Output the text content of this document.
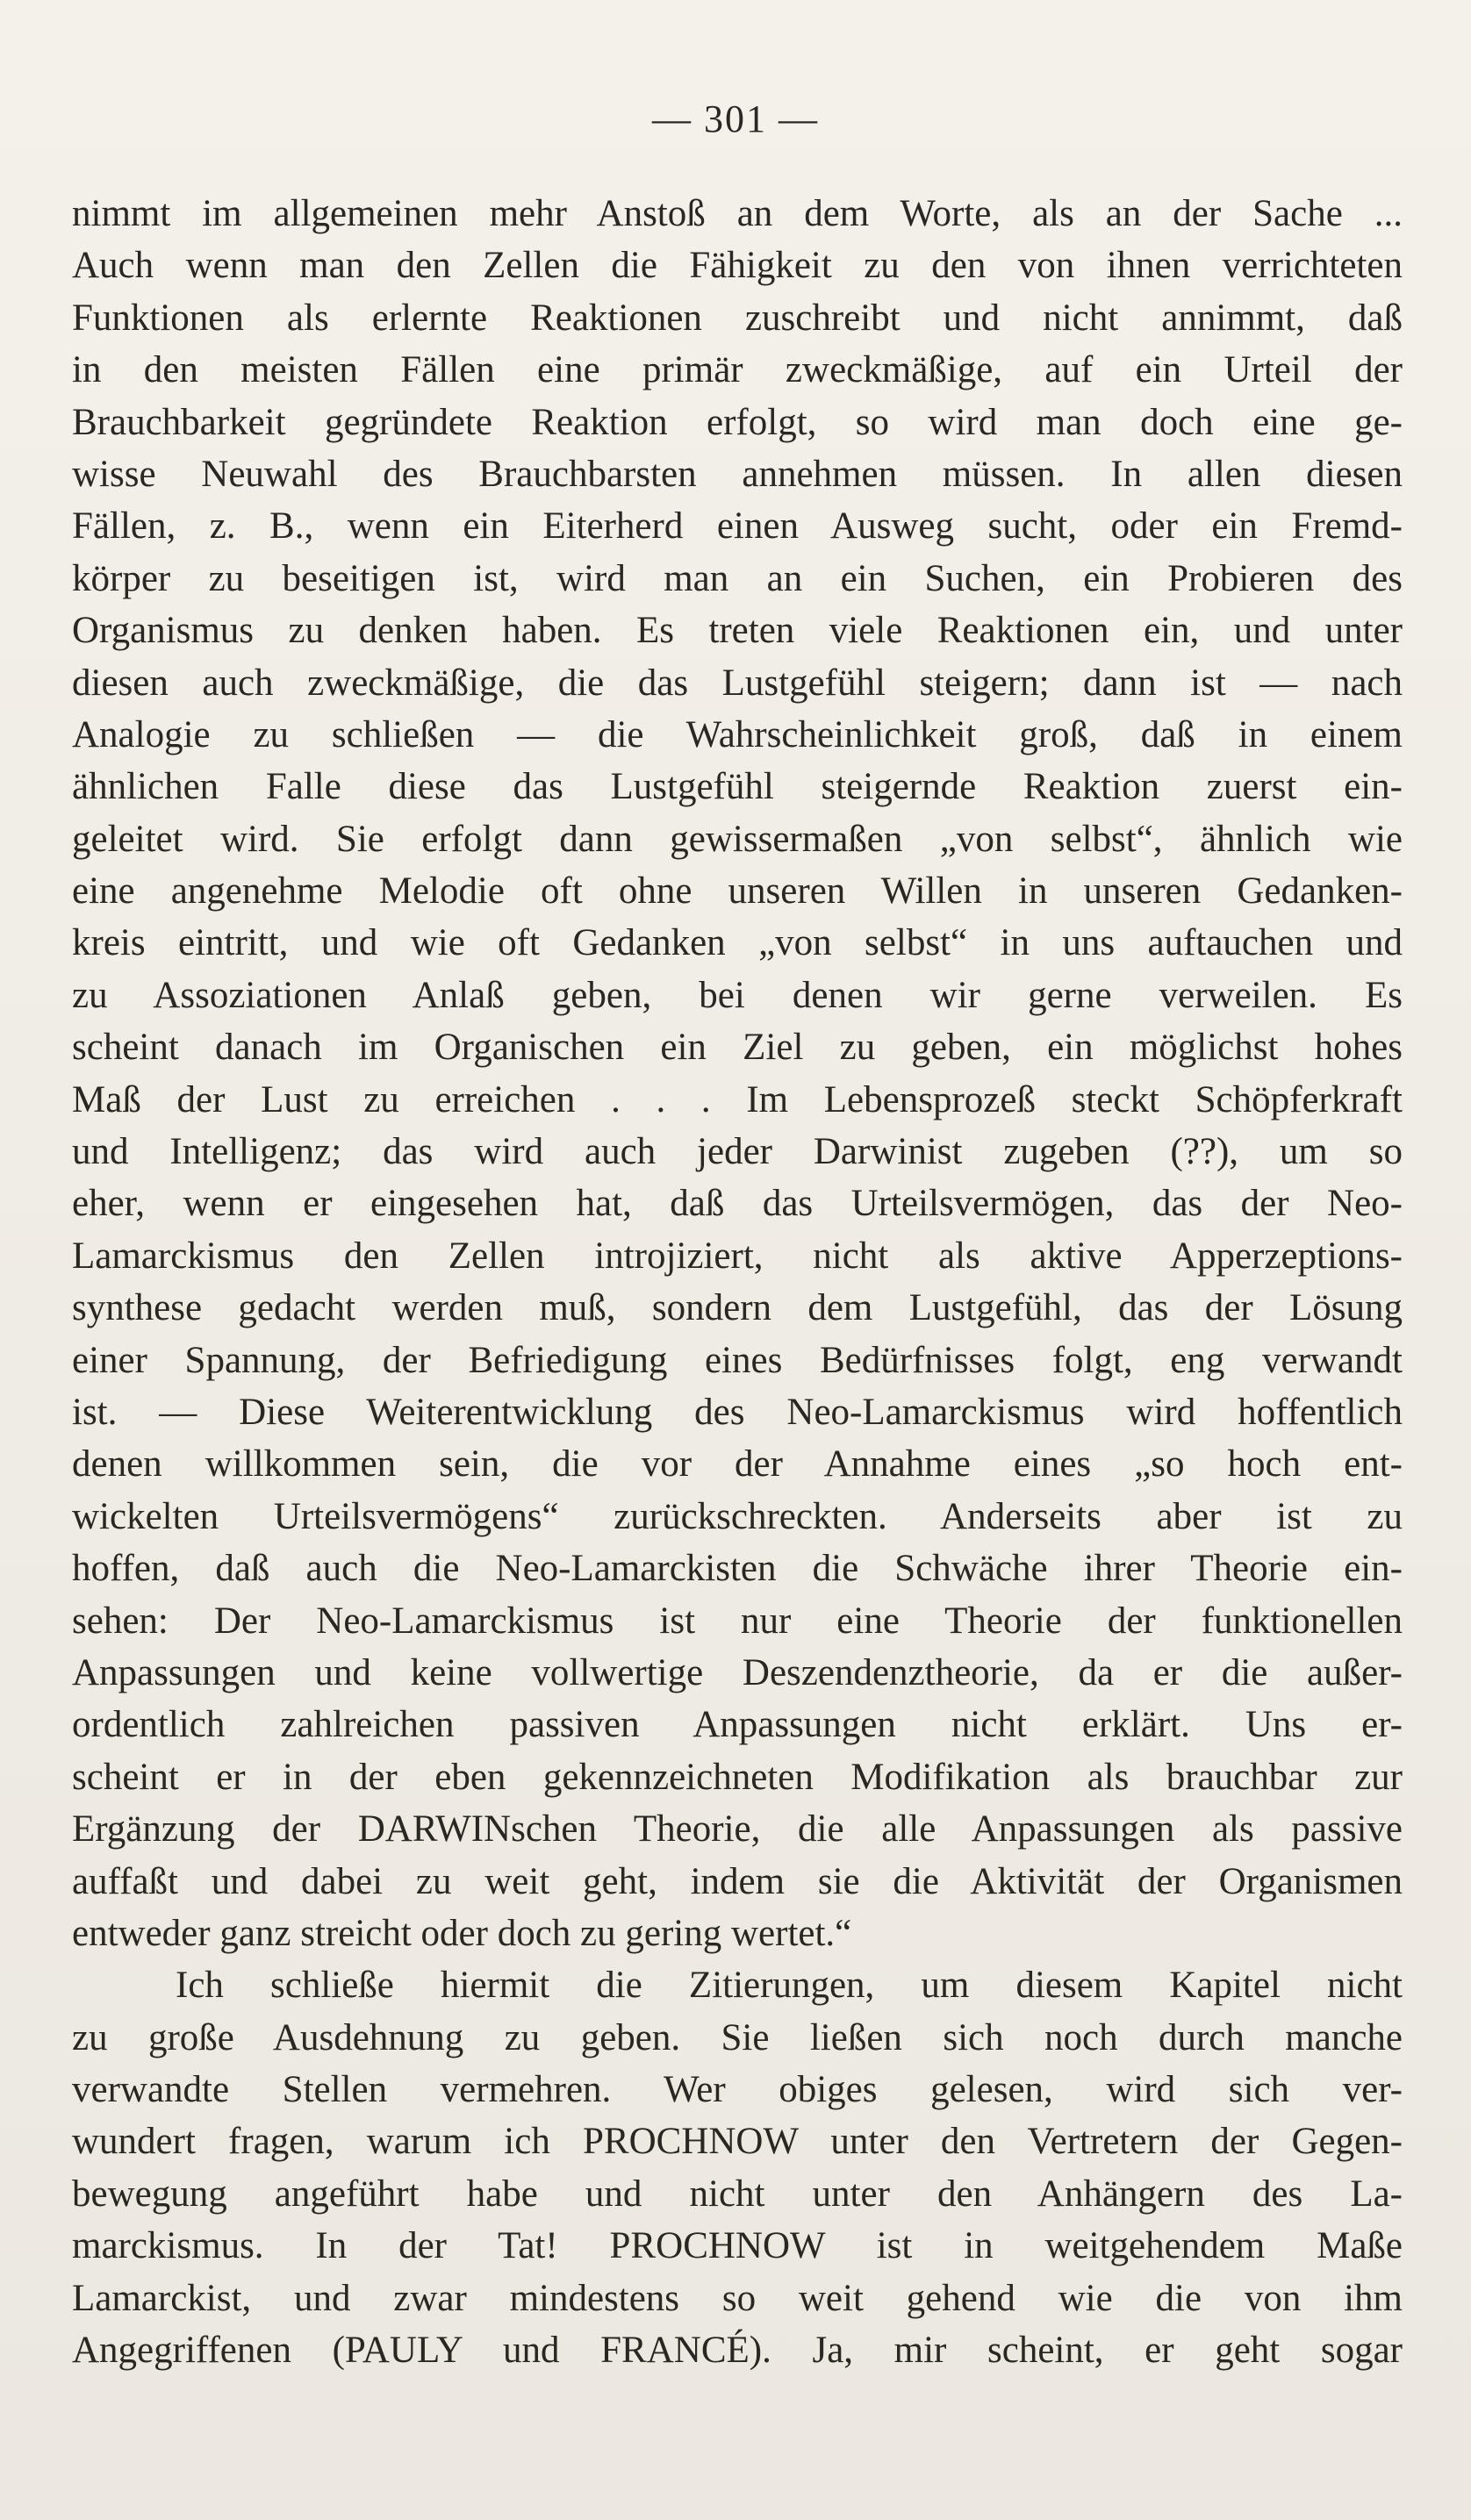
— 301 —
nimmt im allgemeinen mehr Anstoß an dem Worte, als an der Sache ...
Auch wenn man den Zellen die Fähigkeit zu den von ihnen verrichteten
Funktionen als erlernte Reaktionen zuschreibt und nicht annimmt, daß
in den meisten Fällen eine primär zweckmäßige, auf ein Urteil der
Brauchbarkeit gegründete Reaktion erfolgt, so wird man doch eine ge-
wisse Neuwahl des Brauchbarsten annehmen müssen. In allen diesen
Fällen, z. B., wenn ein Eiterherd einen Ausweg sucht, oder ein Fremd-
körper zu beseitigen ist, wird man an ein Suchen, ein Probieren des
Organismus zu denken haben. Es treten viele Reaktionen ein, und unter
diesen auch zweckmäßige, die das Lustgefühl steigern; dann ist — nach
Analogie zu schließen — die Wahrscheinlichkeit groß, daß in einem
ähnlichen Falle diese das Lustgefühl steigernde Reaktion zuerst ein-
geleitet wird. Sie erfolgt dann gewissermaßen „von selbst“, ähnlich wie
eine angenehme Melodie oft ohne unseren Willen in unseren Gedanken-
kreis eintritt, und wie oft Gedanken „von selbst“ in uns auftauchen und
zu Assoziationen Anlaß geben, bei denen wir gerne verweilen. Es
scheint danach im Organischen ein Ziel zu geben, ein möglichst hohes
Maß der Lust zu erreichen . . . Im Lebensprozeß steckt Schöpferkraft
und Intelligenz; das wird auch jeder Darwinist zugeben (??), um so
eher, wenn er eingesehen hat, daß das Urteilsvermögen, das der Neo-
Lamarckismus den Zellen introjiziert, nicht als aktive Apperzeptions-
synthese gedacht werden muß, sondern dem Lustgefühl, das der Lösung
einer Spannung, der Befriedigung eines Bedürfnisses folgt, eng verwandt
ist. — Diese Weiterentwicklung des Neo-Lamarckismus wird hoffentlich
denen willkommen sein, die vor der Annahme eines „so hoch ent-
wickelten Urteilsvermögens“ zurückschreckten. Anderseits aber ist zu
hoffen, daß auch die Neo-Lamarckisten die Schwäche ihrer Theorie ein-
sehen: Der Neo-Lamarckismus ist nur eine Theorie der funktionellen
Anpassungen und keine vollwertige Deszendenztheorie, da er die außer-
ordentlich zahlreichen passiven Anpassungen nicht erklärt. Uns er-
scheint er in der eben gekennzeichneten Modifikation als brauchbar zur
Ergänzung der DARWINschen Theorie, die alle Anpassungen als passive
auffaßt und dabei zu weit geht, indem sie die Aktivität der Organismen
entweder ganz streicht oder doch zu gering wertet.“
Ich schließe hiermit die Zitierungen, um diesem Kapitel nicht
zu große Ausdehnung zu geben. Sie ließen sich noch durch manche
verwandte Stellen vermehren. Wer obiges gelesen, wird sich ver-
wundert fragen, warum ich PROCHNOW unter den Vertretern der Gegen-
bewegung angeführt habe und nicht unter den Anhängern des La-
marckismus. In der Tat! PROCHNOW ist in weitgehendem Maße
Lamarckist, und zwar mindestens so weit gehend wie die von ihm
Angegriffenen (PAULY und FRANCÉ). Ja, mir scheint, er geht sogar
